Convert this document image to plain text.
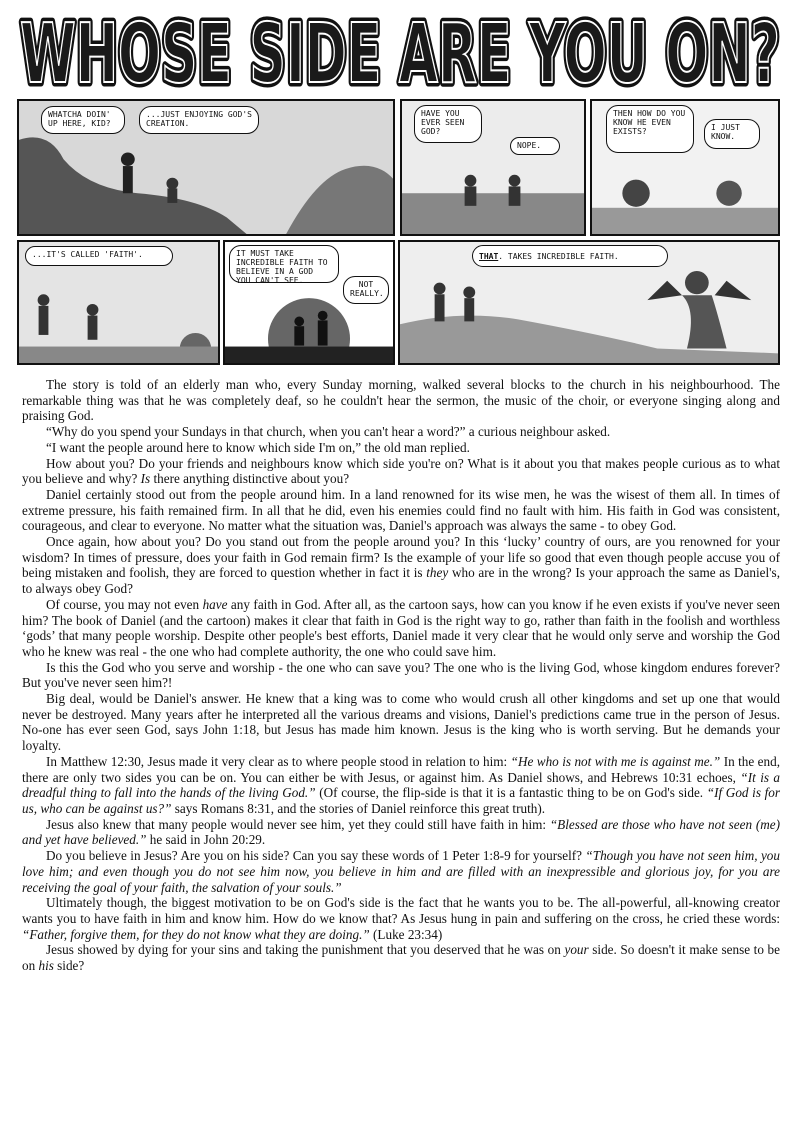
WHOSE SIDE ARE YOU ON?
WHOSE SIDE ARE YOU ON?
WHATCHA DOIN' UP HERE, KID?
...JUST ENJOYING GOD'S CREATION.
HAVE YOU EVER SEEN GOD?
NOPE.
THEN HOW DO YOU KNOW HE EVEN EXISTS?	I JUST KNOW.
...IT'S CALLED 'FAITH'.	IT MUST TAKE INCREDIBLE FAITH TO BELIEVE IN A GOD YOU CAN'T SEE.	NOT REALLY.
THAT. TAKES INCREDIBLE FAITH.

The story is told of an elderly man who, every Sunday morning, walked several blocks to the church in his neighbourhood. The remarkable thing was that he was completely deaf, so he couldn't hear the sermon, the music of the choir, or everyone singing along and praising God.

“Why do you spend your Sundays in that church, when you can't hear a word?” a curious neighbour asked.

“I want the people around here to know which side I'm on,” the old man replied.

How about you? Do your friends and neighbours know which side you're on? What is it about you that makes people curious as to what you believe and why? Is there anything distinctive about you?

Daniel certainly stood out from the people around him. In a land renowned for its wise men, he was the wisest of them all. In times of extreme pressure, his faith remained firm. In all that he did, even his enemies could find no fault with him. His faith in God was consistent, courageous, and clear to everyone. No matter what the situation was, Daniel's approach was always the same - to obey God.

Once again, how about you? Do you stand out from the people around you? In this ‘lucky’ country of ours, are you renowned for your wisdom? In times of pressure, does your faith in God remain firm? Is the example of your life so good that even though people accuse you of being mistaken and foolish, they are forced to question whether in fact it is they who are in the wrong? Is your approach the same as Daniel's, to always obey God?

Of course, you may not even have any faith in God. After all, as the cartoon says, how can you know if he even exists if you've never seen him? The book of Daniel (and the cartoon) makes it clear that faith in God is the right way to go, rather than faith in the foolish and worthless ‘gods’ that many people worship. Despite other people's best efforts, Daniel made it very clear that he would only serve and worship the God who he knew was real - the one who had complete authority, the one who could save him.

Is this the God who you serve and worship - the one who can save you? The one who is the living God, whose kingdom endures forever? But you've never seen him?!

Big deal, would be Daniel's answer. He knew that a king was to come who would crush all other kingdoms and set up one that would never be destroyed. Many years after he interpreted all the various dreams and visions, Daniel's predictions came true in the person of Jesus. No-one has ever seen God, says John 1:18, but Jesus has made him known. Jesus is the king who is worth serving. But he demands your loyalty.

In Matthew 12:30, Jesus made it very clear as to where people stood in relation to him: “He who is not with me is against me.” In the end, there are only two sides you can be on. You can either be with Jesus, or against him. As Daniel shows, and Hebrews 10:31 echoes, “It is a dreadful thing to fall into the hands of the living God.” (Of course, the flip-side is that it is a fantastic thing to be on God's side. “If God is for us, who can be against us?” says Romans 8:31, and the stories of Daniel reinforce this great truth).

Jesus also knew that many people would never see him, yet they could still have faith in him: “Blessed are those who have not seen (me) and yet have believed.” he said in John 20:29.

Do you believe in Jesus? Are you on his side? Can you say these words of 1 Peter 1:8-9 for yourself? “Though you have not seen him, you love him; and even though you do not see him now, you believe in him and are filled with an inexpressible and glorious joy, for you are receiving the goal of your faith, the salvation of your souls.”

Ultimately though, the biggest motivation to be on God's side is the fact that he wants you to be. The all-powerful, all-knowing creator wants you to have faith in him and know him. How do we know that? As Jesus hung in pain and suffering on the cross, he cried these words: “Father, forgive them, for they do not know what they are doing.” (Luke 23:34)

Jesus showed by dying for your sins and taking the punishment that you deserved that he was on your side. So doesn't it make sense to be on his side?
